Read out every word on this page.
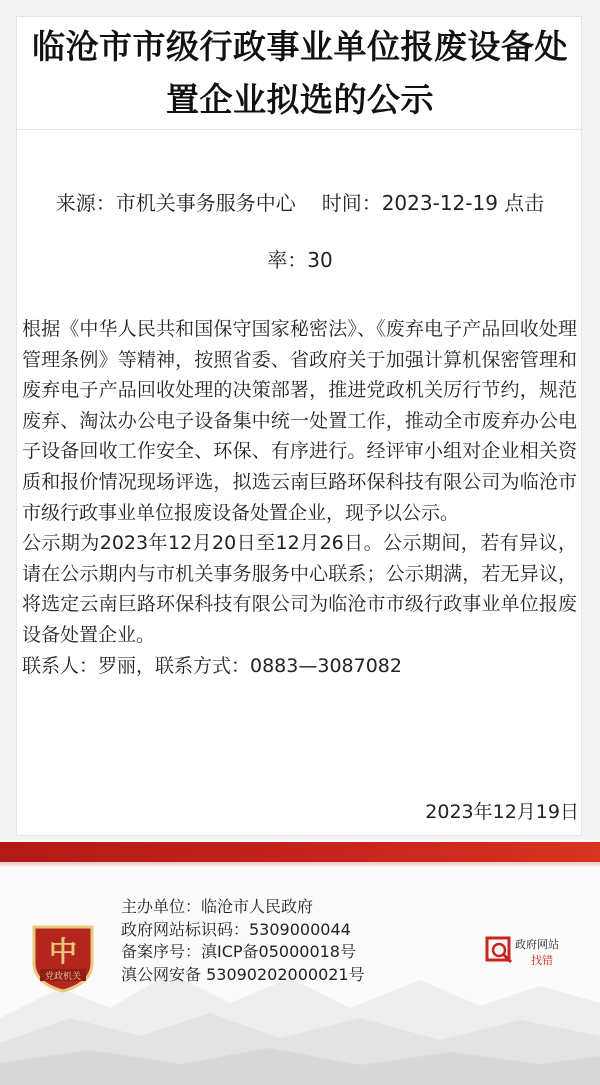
临沧市市级行政事业单位报废设备处置企业拟选的公示
来源：市机关事务服务中心 时间：2023-12-19 点击
率：30

根据《中华人民共和国保守国家秘密法》、《废弃电子产品回收处理管理条例》等精神，按照省委、省政府关于加强计算机保密管理和废弃电子产品回收处理的决策部署，推进党政机关厉行节约，规范废弃、淘汰办公电子设备集中统一处置工作，推动全市废弃办公电子设备回收工作安全、环保、有序进行。经评审小组对企业相关资质和报价情况现场评选，拟选云南巨路环保科技有限公司为临沧市市级行政事业单位报废设备处置企业，现予以公示。

公示期为2023年12月20日至12月26日。公示期间，若有异议，请在公示期内与市机关事务服务中心联系；公示期满，若无异议，将选定云南巨路环保科技有限公司为临沧市市级行政事业单位报废设备处置企业。

联系人：罗丽，联系方式：0883—3087082

2023年12月19日
中
党政机关
主办单位：临沧市人民政府
政府网站标识码：5309000044
备案序号：滇ICP备05000018号
滇公网安备 53090202000021号
政府网站
找错
